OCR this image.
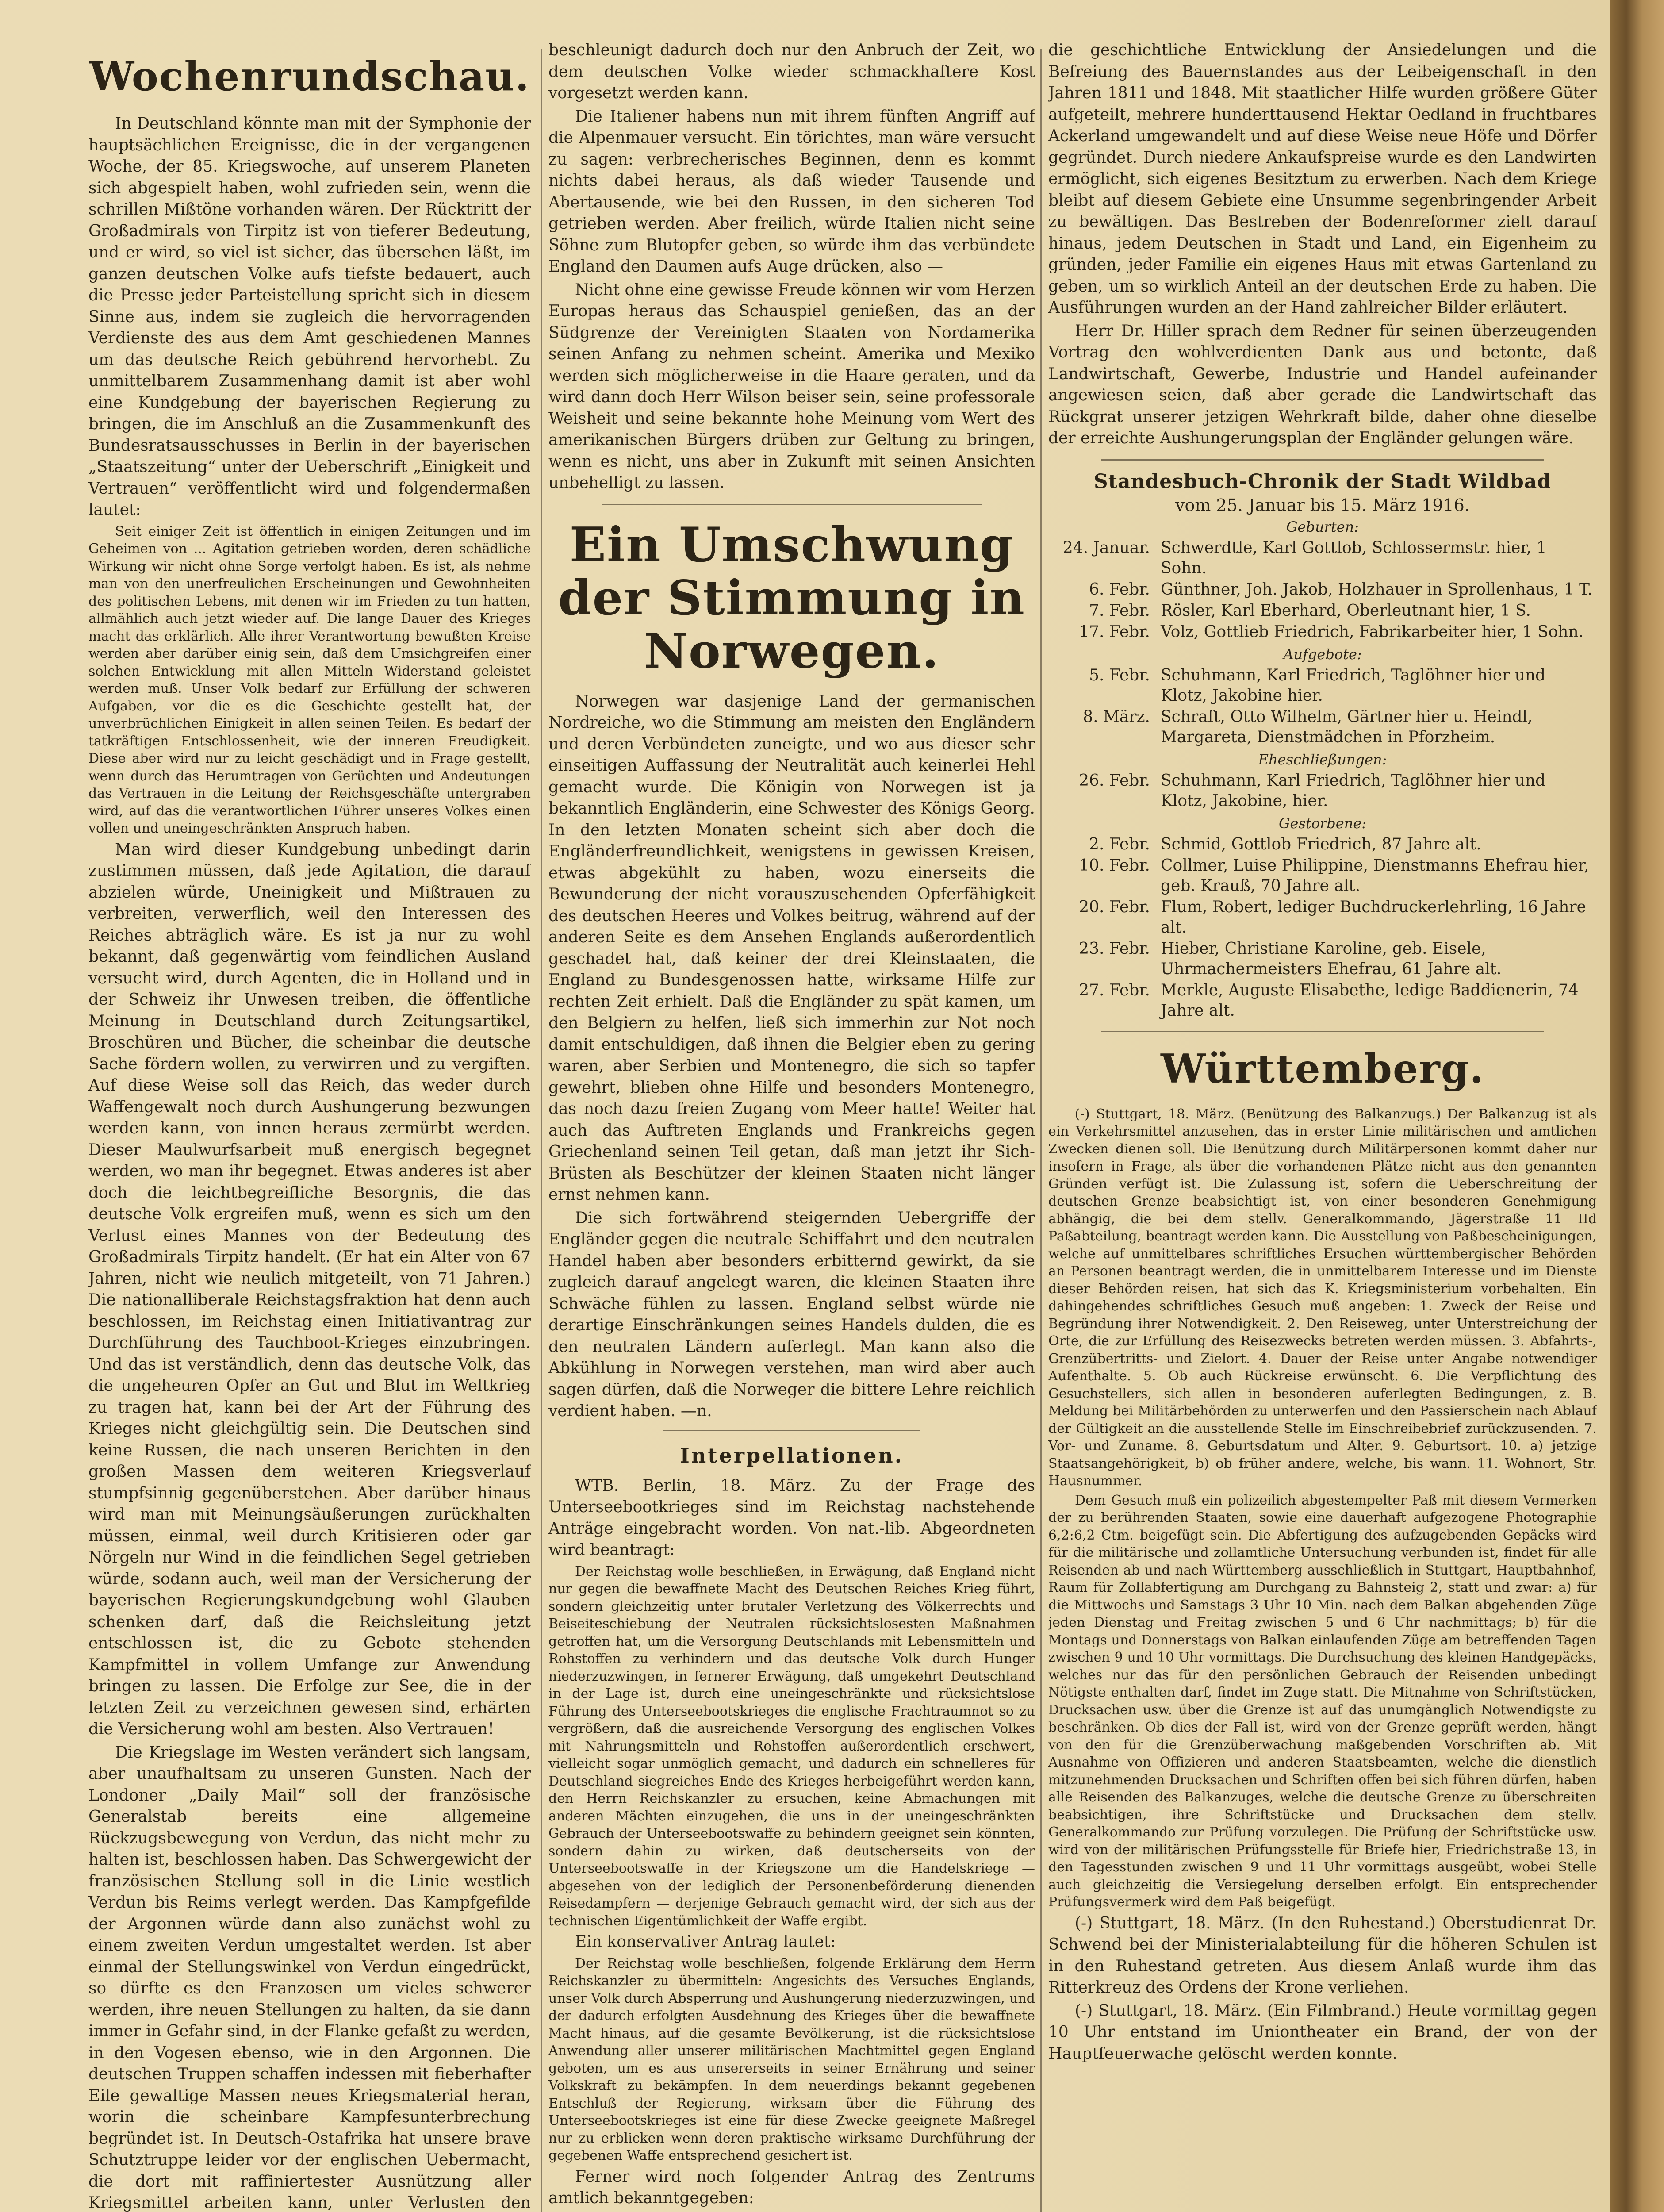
Wochenrundschau.

In Deutschland könnte man mit der Symphonie der hauptsächlichen Ereignisse, die in der vergangenen Woche, der 85. Kriegswoche, auf unserem Planeten sich abgespielt haben, wohl zufrieden sein, wenn die schrillen Mißtöne vorhanden wären. Der Rücktritt der Großadmirals von Tirpitz ist von tieferer Bedeutung, und er wird, so viel ist sicher, das übersehen läßt, im ganzen deutschen Volke aufs tiefste bedauert, auch die Presse jeder Parteistellung spricht sich in diesem Sinne aus, indem sie zugleich die hervorragenden Verdienste des aus dem Amt geschiedenen Mannes um das deutsche Reich gebührend hervorhebt. Zu unmittelbarem Zusammenhang damit ist aber wohl eine Kundgebung der bayerischen Regierung zu bringen, die im Anschluß an die Zusammenkunft des Bundesratsausschusses in Berlin in der bayerischen „Staatszeitung“ unter der Ueberschrift „Einigkeit und Vertrauen“ veröffentlicht wird und folgendermaßen lautet:

Seit einiger Zeit ist öffentlich in einigen Zeitungen und im Geheimen von ... Agitation getrieben worden, deren schädliche Wirkung wir nicht ohne Sorge verfolgt haben. Es ist, als nehme man von den unerfreulichen Erscheinungen und Gewohnheiten des politischen Lebens, mit denen wir im Frieden zu tun hatten, allmählich auch jetzt wieder auf. Die lange Dauer des Krieges macht das erklärlich. Alle ihrer Verantwortung bewußten Kreise werden aber darüber einig sein, daß dem Umsichgreifen einer solchen Entwicklung mit allen Mitteln Widerstand geleistet werden muß. Unser Volk bedarf zur Erfüllung der schweren Aufgaben, vor die es die Geschichte gestellt hat, der unverbrüchlichen Einigkeit in allen seinen Teilen. Es bedarf der tatkräftigen Entschlossenheit, wie der inneren Freudigkeit. Diese aber wird nur zu leicht geschädigt und in Frage gestellt, wenn durch das Herumtragen von Gerüchten und Andeutungen das Vertrauen in die Leitung der Reichsgeschäfte untergraben wird, auf das die verantwortlichen Führer unseres Volkes einen vollen und uneingeschränkten Anspruch haben.

Man wird dieser Kundgebung unbedingt darin zustimmen müssen, daß jede Agitation, die darauf abzielen würde, Uneinigkeit und Mißtrauen zu verbreiten, verwerflich, weil den Interessen des Reiches abträglich wäre. Es ist ja nur zu wohl bekannt, daß gegenwärtig vom feindlichen Ausland versucht wird, durch Agenten, die in Holland und in der Schweiz ihr Unwesen treiben, die öffentliche Meinung in Deutschland durch Zeitungsartikel, Broschüren und Bücher, die scheinbar die deutsche Sache fördern wollen, zu verwirren und zu vergiften. Auf diese Weise soll das Reich, das weder durch Waffengewalt noch durch Aushungerung bezwungen werden kann, von innen heraus zermürbt werden. Dieser Maulwurfsarbeit muß energisch begegnet werden, wo man ihr begegnet. Etwas anderes ist aber doch die leichtbegreifliche Besorgnis, die das deutsche Volk ergreifen muß, wenn es sich um den Verlust eines Mannes von der Bedeutung des Großadmirals Tirpitz handelt. (Er hat ein Alter von 67 Jahren, nicht wie neulich mitgeteilt, von 71 Jahren.) Die nationalliberale Reichstagsfraktion hat denn auch beschlossen, im Reichstag einen Initiativantrag zur Durchführung des Tauchboot-Krieges einzubringen. Und das ist verständlich, denn das deutsche Volk, das die ungeheuren Opfer an Gut und Blut im Weltkrieg zu tragen hat, kann bei der Art der Führung des Krieges nicht gleichgültig sein. Die Deutschen sind keine Russen, die nach unseren Berichten in den großen Massen dem weiteren Kriegsverlauf stumpfsinnig gegenüberstehen. Aber darüber hinaus wird man mit Meinungsäußerungen zurückhalten müssen, einmal, weil durch Kritisieren oder gar Nörgeln nur Wind in die feindlichen Segel getrieben würde, sodann auch, weil man der Versicherung der bayerischen Regierungskundgebung wohl Glauben schenken darf, daß die Reichsleitung jetzt entschlossen ist, die zu Gebote stehenden Kampfmittel in vollem Umfange zur Anwendung bringen zu lassen. Die Erfolge zur See, die in der letzten Zeit zu verzeichnen gewesen sind, erhärten die Versicherung wohl am besten. Also Vertrauen!

Die Kriegslage im Westen verändert sich langsam, aber unaufhaltsam zu unseren Gunsten. Nach der Londoner „Daily Mail“ soll der französische Generalstab bereits eine allgemeine Rückzugsbewegung von Verdun, das nicht mehr zu halten ist, beschlossen haben. Das Schwergewicht der französischen Stellung soll in die Linie westlich Verdun bis Reims verlegt werden. Das Kampfgefilde der Argonnen würde dann also zunächst wohl zu einem zweiten Verdun umgestaltet werden. Ist aber einmal der Stellungswinkel von Verdun eingedrückt, so dürfte es den Franzosen um vieles schwerer werden, ihre neuen Stellungen zu halten, da sie dann immer in Gefahr sind, in der Flanke gefaßt zu werden, in den Vogesen ebenso, wie in den Argonnen. Die deutschen Truppen schaffen indessen mit fieberhafter Eile gewaltige Massen neues Kriegsmaterial heran, worin die scheinbare Kampfesunterbrechung begründet ist. In Deutsch-Ostafrika hat unsere brave Schutztruppe leider vor der englischen Uebermacht, die dort mit raffiniertester Ausnützung aller Kriegsmittel arbeiten kann, unter Verlusten den

beschleunigt dadurch doch nur den Anbruch der Zeit, wo dem deutschen Volke wieder schmackhaftere Kost vorgesetzt werden kann.

Die Italiener habens nun mit ihrem fünften Angriff auf die Alpenmauer versucht. Ein törichtes, man wäre versucht zu sagen: verbrecherisches Beginnen, denn es kommt nichts dabei heraus, als daß wieder Tausende und Abertausende, wie bei den Russen, in den sicheren Tod getrieben werden. Aber freilich, würde Italien nicht seine Söhne zum Blutopfer geben, so würde ihm das verbündete England den Daumen aufs Auge drücken, also —

Nicht ohne eine gewisse Freude können wir vom Herzen Europas heraus das Schauspiel genießen, das an der Südgrenze der Vereinigten Staaten von Nordamerika seinen Anfang zu nehmen scheint. Amerika und Mexiko werden sich möglicherweise in die Haare geraten, und da wird dann doch Herr Wilson beiser sein, seine professorale Weisheit und seine bekannte hohe Meinung vom Wert des amerikanischen Bürgers drüben zur Geltung zu bringen, wenn es nicht, uns aber in Zukunft mit seinen Ansichten unbehelligt zu lassen.

Ein Umschwung der Stimmung in Norwegen.

Norwegen war dasjenige Land der germanischen Nordreiche, wo die Stimmung am meisten den Engländern und deren Verbündeten zuneigte, und wo aus dieser sehr einseitigen Auffassung der Neutralität auch keinerlei Hehl gemacht wurde. Die Königin von Norwegen ist ja bekanntlich Engländerin, eine Schwester des Königs Georg. In den letzten Monaten scheint sich aber doch die Engländerfreundlichkeit, wenigstens in gewissen Kreisen, etwas abgekühlt zu haben, wozu einerseits die Bewunderung der nicht vorauszusehenden Opferfähigkeit des deutschen Heeres und Volkes beitrug, während auf der anderen Seite es dem Ansehen Englands außerordentlich geschadet hat, daß keiner der drei Kleinstaaten, die England zu Bundesgenossen hatte, wirksame Hilfe zur rechten Zeit erhielt. Daß die Engländer zu spät kamen, um den Belgiern zu helfen, ließ sich immerhin zur Not noch damit entschuldigen, daß ihnen die Belgier eben zu gering waren, aber Serbien und Montenegro, die sich so tapfer gewehrt, blieben ohne Hilfe und besonders Montenegro, das noch dazu freien Zugang vom Meer hatte! Weiter hat auch das Auftreten Englands und Frankreichs gegen Griechenland seinen Teil getan, daß man jetzt ihr Sich-Brüsten als Beschützer der kleinen Staaten nicht länger ernst nehmen kann.

Die sich fortwährend steigernden Uebergriffe der Engländer gegen die neutrale Schiffahrt und den neutralen Handel haben aber besonders erbitternd gewirkt, da sie zugleich darauf angelegt waren, die kleinen Staaten ihre Schwäche fühlen zu lassen. England selbst würde nie derartige Einschränkungen seines Handels dulden, die es den neutralen Ländern auferlegt. Man kann also die Abkühlung in Norwegen verstehen, man wird aber auch sagen dürfen, daß die Norweger die bittere Lehre reichlich verdient haben. —n.

Interpellationen.

WTB. Berlin, 18. März. Zu der Frage des Unterseebootkrieges sind im Reichstag nachstehende Anträge eingebracht worden. Von nat.-lib. Abgeordneten wird beantragt:

Der Reichstag wolle beschließen, in Erwägung, daß England nicht nur gegen die bewaffnete Macht des Deutschen Reiches Krieg führt, sondern gleichzeitig unter brutaler Verletzung des Völkerrechts und Beiseiteschiebung der Neutralen rücksichtslosesten Maßnahmen getroffen hat, um die Versorgung Deutschlands mit Lebensmitteln und Rohstoffen zu verhindern und das deutsche Volk durch Hunger niederzuzwingen, in fernerer Erwägung, daß umgekehrt Deutschland in der Lage ist, durch eine uneingeschränkte und rücksichtslose Führung des Unterseebootskrieges die englische Frachtraumnot so zu vergrößern, daß die ausreichende Versorgung des englischen Volkes mit Nahrungsmitteln und Rohstoffen außerordentlich erschwert, vielleicht sogar unmöglich gemacht, und dadurch ein schnelleres für Deutschland siegreiches Ende des Krieges herbeigeführt werden kann, den Herrn Reichskanzler zu ersuchen, keine Abmachungen mit anderen Mächten einzugehen, die uns in der uneingeschränkten Gebrauch der Unterseebootswaffe zu behindern geeignet sein könnten, sondern dahin zu wirken, daß deutscherseits von der Unterseebootswaffe in der Kriegszone um die Handelskriege — abgesehen von der lediglich der Personenbeförderung dienenden Reisedampfern — derjenige Gebrauch gemacht wird, der sich aus der technischen Eigentümlichkeit der Waffe ergibt.

Ein konservativer Antrag lautet:

Der Reichstag wolle beschließen, folgende Erklärung dem Herrn Reichskanzler zu übermitteln: Angesichts des Versuches Englands, unser Volk durch Absperrung und Aushungerung niederzuzwingen, und der dadurch erfolgten Ausdehnung des Krieges über die bewaffnete Macht hinaus, auf die gesamte Bevölkerung, ist die rücksichtslose Anwendung aller unserer militärischen Machtmittel gegen England geboten, um es aus unsererseits in seiner Ernährung und seiner Volkskraft zu bekämpfen. In dem neuerdings bekannt gegebenen Entschluß der Regierung, wirksam über die Führung des Unterseebootskrieges ist eine für diese Zwecke geeignete Maßregel nur zu erblicken wenn deren praktische wirksame Durchführung der gegebenen Waffe entsprechend gesichert ist.

Ferner wird noch folgender Antrag des Zentrums amtlich bekanntgegeben:

die geschichtliche Entwicklung der Ansiedelungen und die Befreiung des Bauernstandes aus der Leibeigenschaft in den Jahren 1811 und 1848. Mit staatlicher Hilfe wurden größere Güter aufgeteilt, mehrere hunderttausend Hektar Oedland in fruchtbares Ackerland umgewandelt und auf diese Weise neue Höfe und Dörfer gegründet. Durch niedere Ankaufspreise wurde es den Landwirten ermöglicht, sich eigenes Besitztum zu erwerben. Nach dem Kriege bleibt auf diesem Gebiete eine Unsumme segenbringender Arbeit zu bewältigen. Das Bestreben der Bodenreformer zielt darauf hinaus, jedem Deutschen in Stadt und Land, ein Eigenheim zu gründen, jeder Familie ein eigenes Haus mit etwas Gartenland zu geben, um so wirklich Anteil an der deutschen Erde zu haben. Die Ausführungen wurden an der Hand zahlreicher Bilder erläutert.

Herr Dr. Hiller sprach dem Redner für seinen überzeugenden Vortrag den wohlverdienten Dank aus und betonte, daß Landwirtschaft, Gewerbe, Industrie und Handel aufeinander angewiesen seien, daß aber gerade die Landwirtschaft das Rückgrat unserer jetzigen Wehrkraft bilde, daher ohne dieselbe der erreichte Aushungerungsplan der Engländer gelungen wäre.

Standesbuch-Chronik der Stadt Wildbad
vom 25. Januar bis 15. März 1916.
Geburten:
24. Januar. Schwerdtle, Karl Gottlob, Schlossermstr. hier, 1 Sohn.
6. Febr. Günthner, Joh. Jakob, Holzhauer in Sprollenhaus, 1 T.
7. Febr. Rösler, Karl Eberhard, Oberleutnant hier, 1 S.
17. Febr. Volz, Gottlieb Friedrich, Fabrikarbeiter hier, 1 Sohn.
Aufgebote:
5. Febr. Schuhmann, Karl Friedrich, Taglöhner hier und Klotz, Jakobine hier.
8. März. Schraft, Otto Wilhelm, Gärtner hier u. Heindl, Margareta, Dienstmädchen in Pforzheim.
Eheschließungen:
26. Febr. Schuhmann, Karl Friedrich, Taglöhner hier und Klotz, Jakobine, hier.
Gestorbene:
2. Febr. Schmid, Gottlob Friedrich, 87 Jahre alt.
10. Febr. Collmer, Luise Philippine, Dienstmanns Ehefrau hier, geb. Krauß, 70 Jahre alt.
20. Febr. Flum, Robert, lediger Buchdruckerlehrling, 16 Jahre alt.
23. Febr. Hieber, Christiane Karoline, geb. Eisele, Uhrmachermeisters Ehefrau, 61 Jahre alt.
27. Febr. Merkle, Auguste Elisabethe, ledige Baddienerin, 74 Jahre alt.
Württemberg.

(-) Stuttgart, 18. März. (Benützung des Balkanzugs.) Der Balkanzug ist als ein Verkehrsmittel anzusehen, das in erster Linie militärischen und amtlichen Zwecken dienen soll. Die Benützung durch Militärpersonen kommt daher nur insofern in Frage, als über die vorhandenen Plätze nicht aus den genannten Gründen verfügt ist. Die Zulassung ist, sofern die Ueberschreitung der deutschen Grenze beabsichtigt ist, von einer besonderen Genehmigung abhängig, die bei dem stellv. Generalkommando, Jägerstraße 11 IId Paßabteilung, beantragt werden kann. Die Ausstellung von Paßbescheinigungen, welche auf unmittelbares schriftliches Ersuchen württembergischer Behörden an Personen beantragt werden, die in unmittelbarem Interesse und im Dienste dieser Behörden reisen, hat sich das K. Kriegsministerium vorbehalten. Ein dahingehendes schriftliches Gesuch muß angeben: 1. Zweck der Reise und Begründung ihrer Notwendigkeit. 2. Den Reiseweg, unter Unterstreichung der Orte, die zur Erfüllung des Reisezwecks betreten werden müssen. 3. Abfahrts-, Grenzübertritts- und Zielort. 4. Dauer der Reise unter Angabe notwendiger Aufenthalte. 5. Ob auch Rückreise erwünscht. 6. Die Verpflichtung des Gesuchstellers, sich allen in besonderen auferlegten Bedingungen, z. B. Meldung bei Militärbehörden zu unterwerfen und den Passierschein nach Ablauf der Gültigkeit an die ausstellende Stelle im Einschreibebrief zurückzusenden. 7. Vor- und Zuname. 8. Geburtsdatum und Alter. 9. Geburtsort. 10. a) jetzige Staatsangehörigkeit, b) ob früher andere, welche, bis wann. 11. Wohnort, Str. Hausnummer.

Dem Gesuch muß ein polizeilich abgestempelter Paß mit diesem Vermerken der zu berührenden Staaten, sowie eine dauerhaft aufgezogene Photographie 6,2:6,2 Ctm. beigefügt sein. Die Abfertigung des aufzugebenden Gepäcks wird für die militärische und zollamtliche Untersuchung verbunden ist, findet für alle Reisenden ab und nach Württemberg ausschließlich in Stuttgart, Hauptbahnhof, Raum für Zollabfertigung am Durchgang zu Bahnsteig 2, statt und zwar: a) für die Mittwochs und Samstags 3 Uhr 10 Min. nach dem Balkan abgehenden Züge jeden Dienstag und Freitag zwischen 5 und 6 Uhr nachmittags; b) für die Montags und Donnerstags von Balkan einlaufenden Züge am betreffenden Tagen zwischen 9 und 10 Uhr vormittags. Die Durchsuchung des kleinen Handgepäcks, welches nur das für den persönlichen Gebrauch der Reisenden unbedingt Nötigste enthalten darf, findet im Zuge statt. Die Mitnahme von Schriftstücken, Drucksachen usw. über die Grenze ist auf das unumgänglich Notwendigste zu beschränken. Ob dies der Fall ist, wird von der Grenze geprüft werden, hängt von den für die Grenzüberwachung maßgebenden Vorschriften ab. Mit Ausnahme von Offizieren und anderen Staatsbeamten, welche die dienstlich mitzunehmenden Drucksachen und Schriften offen bei sich führen dürfen, haben alle Reisenden des Balkanzuges, welche die deutsche Grenze zu überschreiten beabsichtigen, ihre Schriftstücke und Drucksachen dem stellv. Generalkommando zur Prüfung vorzulegen. Die Prüfung der Schriftstücke usw. wird von der militärischen Prüfungsstelle für Briefe hier, Friedrichstraße 13, in den Tagesstunden zwischen 9 und 11 Uhr vormittags ausgeübt, wobei Stelle auch gleichzeitig die Versiegelung derselben erfolgt. Ein entsprechender Prüfungsvermerk wird dem Paß beigefügt.

(-) Stuttgart, 18. März. (In den Ruhestand.) Oberstudienrat Dr. Schwend bei der Ministerialabteilung für die höheren Schulen ist in den Ruhestand getreten. Aus diesem Anlaß wurde ihm das Ritterkreuz des Ordens der Krone verliehen.

(-) Stuttgart, 18. März. (Ein Filmbrand.) Heute vormittag gegen 10 Uhr entstand im Uniontheater ein Brand, der von der Hauptfeuerwache gelöscht werden konnte.
